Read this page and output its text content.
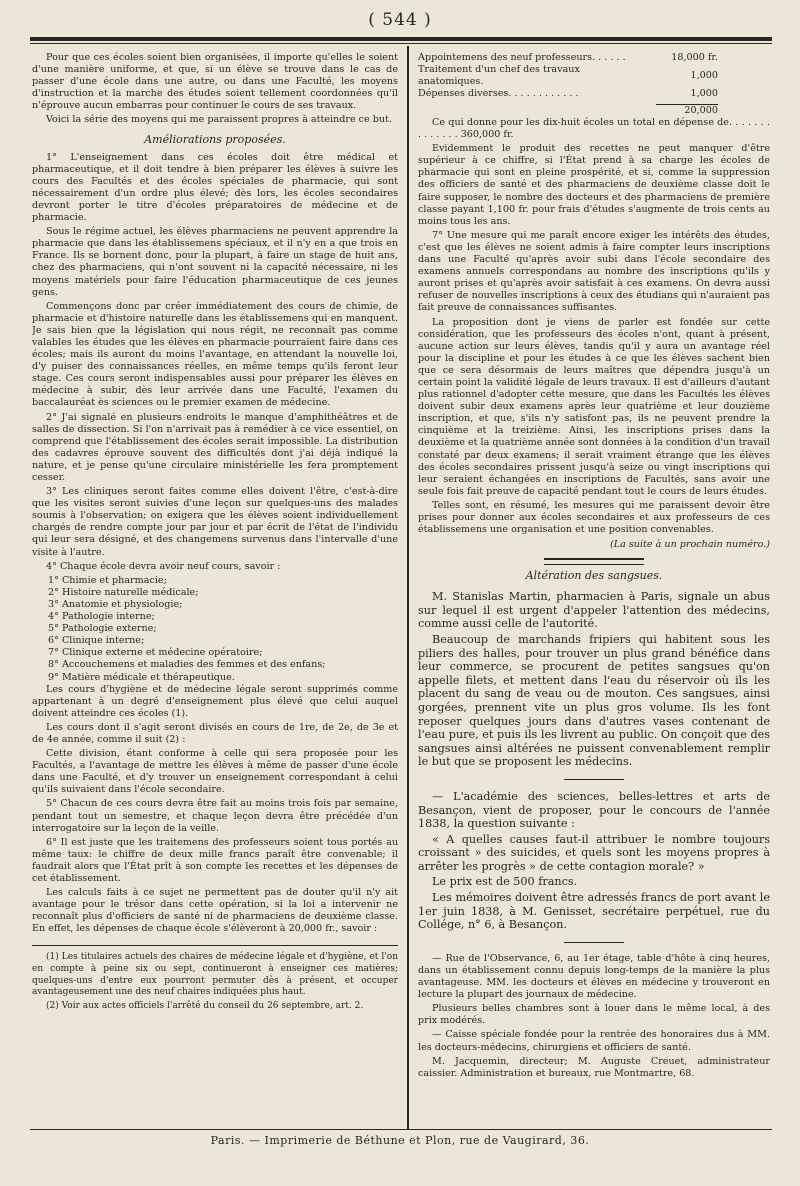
( 544 )

Pour que ces écoles soient bien organisées, il importe qu'elles le soient d'une manière uniforme, et que, si un élève se trouve dans le cas de passer d'une école dans une autre, ou dans une Faculté, les moyens d'instruction et la marche des études soient tellement coordonnées qu'il n'éprouve aucun embarras pour continuer le cours de ses travaux.

Voici la série des moyens qui me paraissent propres à atteindre ce but.

Améliorations proposées.

1° L'enseignement dans ces écoles doit être médical et pharmaceutique, et il doit tendre à bien préparer les élèves à suivre les cours des Facultés et des écoles spéciales de pharmacie, qui sont nécessairement d'un ordre plus élevé; dès lors, les écoles secondaires devront porter le titre d'écoles préparatoires de médecine et de pharmacie.

Sous le régime actuel, les élèves pharmaciens ne peuvent apprendre la pharmacie que dans les établissemens spéciaux, et il n'y en a que trois en France. Ils se bornent donc, pour la plupart, à faire un stage de huit ans, chez des pharmaciens, qui n'ont souvent ni la capacité nécessaire, ni les moyens matériels pour faire l'éducation pharmaceutique de ces jeunes gens.

Commençons donc par créer immédiatement des cours de chimie, de pharmacie et d'histoire naturelle dans les établissemens qui en manquent. Je sais bien que la législation qui nous régit, ne reconnaît pas comme valables les études que les élèves en pharmacie pourraient faire dans ces écoles; mais ils auront du moins l'avantage, en attendant la nouvelle loi, d'y puiser des connaissances réelles, en même temps qu'ils feront leur stage. Ces cours seront indispensables aussi pour préparer les élèves en médecine à subir, dès leur arrivée dans une Faculté, l'examen du baccalauréat ès sciences ou le premier examen de médecine.

2° J'ai signalé en plusieurs endroits le manque d'amphithéâtres et de salles de dissection. Si l'on n'arrivait pas à remédier à ce vice essentiel, on comprend que l'établissement des écoles serait impossible. La distribution des cadavres éprouve souvent des difficultés dont j'ai déjà indiqué la nature, et je pense qu'une circulaire ministérielle les fera promptement cesser.

3° Les cliniques seront faites comme elles doivent l'être, c'est-à-dire que les visites seront suivies d'une leçon sur quelques-uns des malades soumis à l'observation; on exigera que les élèves soient individuellement chargés de rendre compte jour par jour et par écrit de l'état de l'individu qui leur sera désigné, et des changemens survenus dans l'intervalle d'une visite à l'autre.

4° Chaque école devra avoir neuf cours, savoir :

1° Chimie et pharmacie;

2° Histoire naturelle médicale;

3° Anatomie et physiologie;

4° Pathologie interne;

5° Pathologie externe;

6° Clinique interne;

7° Clinique externe et médecine opératoire;

8° Accouchemens et maladies des femmes et des enfans;

9° Matière médicale et thérapeutique.

Les cours d'hygiène et de médecine légale seront supprimés comme appartenant à un degré d'enseignement plus élevé que celui auquel doivent atteindre ces écoles (1).

Les cours dont il s'agit seront divisés en cours de 1re, de 2e, de 3e et de 4e année, comme il suit (2) :

Cette division, étant conforme à celle qui sera proposée pour les Facultés, a l'avantage de mettre les élèves à même de passer d'une école dans une Faculté, et d'y trouver un enseignement correspondant à celui qu'ils suivaient dans l'école secondaire.

5° Chacun de ces cours devra être fait au moins trois fois par semaine, pendant tout un semestre, et chaque leçon devra être précédée d'un interrogatoire sur la leçon de la veille.

6° Il est juste que les traitemens des professeurs soient tous portés au même taux: le chiffre de deux mille francs paraît être convenable; il faudrait alors que l'État prît à son compte les recettes et les dépenses de cet établissement.

Les calculs faits à ce sujet ne permettent pas de douter qu'il n'y ait avantage pour le trésor dans cette opération, si la loi a intervenir ne reconnaît plus d'officiers de santé ni de pharmaciens de deuxième classe. En effet, les dépenses de chaque école s'élèveront à 20,000 fr., savoir :

(1) Les titulaires actuels des chaires de médecine légale et d'hygiène, et l'on en compte à peine six ou sept, continueront à enseigner ces matières; quelques-uns d'entre eux pourront permuter dès à présent, et occuper avantageusement une des neuf chaires indiquées plus haut.

(2) Voir aux actes officiels l'arrêté du conseil du 26 septembre, art. 2.

Appointemens des neuf professeurs. . . . . .	18,000 fr.
Traitement d'un chef des travaux anatomiques.	1,000
Dépenses diverses. . . . . . . . . . . .	1,000
20,000

Ce qui donne pour les dix-huit écoles un total en dépense de. . . . . . . . . . . . . . 360,000 fr.

Evidemment le produit des recettes ne peut manquer d'être supérieur à ce chiffre, si l'État prend à sa charge les écoles de pharmacie qui sont en pleine prospérité, et si, comme la suppression des officiers de santé et des pharmaciens de deuxième classe doit le faire supposer, le nombre des docteurs et des pharmaciens de première classe payant 1,100 fr. pour frais d'études s'augmente de trois cents au moins tous les ans.

7° Une mesure qui me paraît encore exiger les intérêts des études, c'est que les élèves ne soient admis à faire compter leurs inscriptions dans une Faculté qu'après avoir subi dans l'école secondaire des examens annuels correspondans au nombre des inscriptions qu'ils y auront prises et qu'après avoir satisfait à ces examens. On devra aussi refuser de nouvelles inscriptions à ceux des étudians qui n'auraient pas fait preuve de connaissances suffisantes.

La proposition dont je viens de parler est fondée sur cette considération, que les professeurs des écoles n'ont, quant à présent, aucune action sur leurs élèves, tandis qu'il y aura un avantage réel pour la discipline et pour les études à ce que les élèves sachent bien que ce sera désormais de leurs maîtres que dépendra jusqu'à un certain point la validité légale de leurs travaux. Il est d'ailleurs d'autant plus rationnel d'adopter cette mesure, que dans les Facultés les élèves doivent subir deux examens après leur quatrième et leur douzième inscription, et que, s'ils n'y satisfont pas, ils ne peuvent prendre la cinquième et la treizième. Ainsi, les inscriptions prises dans la deuxième et la quatrième année sont données à la condition d'un travail constaté par deux examens; il serait vraiment étrange que les élèves des écoles secondaires prissent jusqu'à seize ou vingt inscriptions qui leur seraient échangées en inscriptions de Facultés, sans avoir une seule fois fait preuve de capacité pendant tout le cours de leurs études.

Telles sont, en résumé, les mesures qui me paraissent devoir être prises pour donner aux écoles secondaires et aux professeurs de ces établissemens une organisation et une position convenables.

(La suite à un prochain numéro.)
Altération des sangsues.

M. Stanislas Martin, pharmacien à Paris, signale un abus sur lequel il est urgent d'appeler l'attention des médecins, comme aussi celle de l'autorité.

Beaucoup de marchands fripiers qui habitent sous les piliers des halles, pour trouver un plus grand bénéfice dans leur commerce, se procurent de petites sangsues qu'on appelle filets, et mettent dans l'eau du réservoir où ils les placent du sang de veau ou de mouton. Ces sangsues, ainsi gorgées, prennent vite un plus gros volume. Ils les font reposer quelques jours dans d'autres vases contenant de l'eau pure, et puis ils les livrent au public. On conçoit que des sangsues ainsi altérées ne puissent convenablement remplir le but que se proposent les médecins.

— L'académie des sciences, belles-lettres et arts de Besançon, vient de proposer, pour le concours de l'année 1838, la question suivante :

« A quelles causes faut-il attribuer le nombre toujours croissant » des suicides, et quels sont les moyens propres à arrêter les progrès » de cette contagion morale? »

Le prix est de 500 francs.

Les mémoires doivent être adressés francs de port avant le 1er juin 1838, à M. Genisset, secrétaire perpétuel, rue du Collége, n° 6, à Besançon.

— Rue de l'Observance, 6, au 1er étage, table d'hôte à cinq heures, dans un établissement connu depuis long-temps de la manière la plus avantageuse. MM. les docteurs et élèves en médecine y trouveront en lecture la plupart des journaux de médecine.

Plusieurs belles chambres sont à louer dans le même local, à des prix modérés.

— Caisse spéciale fondée pour la rentrée des honoraires dus à MM. les docteurs-médecins, chirurgiens et officiers de santé.

M. Jacquemin, directeur; M. Auguste Creuet, administrateur caissier. Administration et bureaux, rue Montmartre, 68.

Paris. — Imprimerie de Béthune et Plon, rue de Vaugirard, 36.
